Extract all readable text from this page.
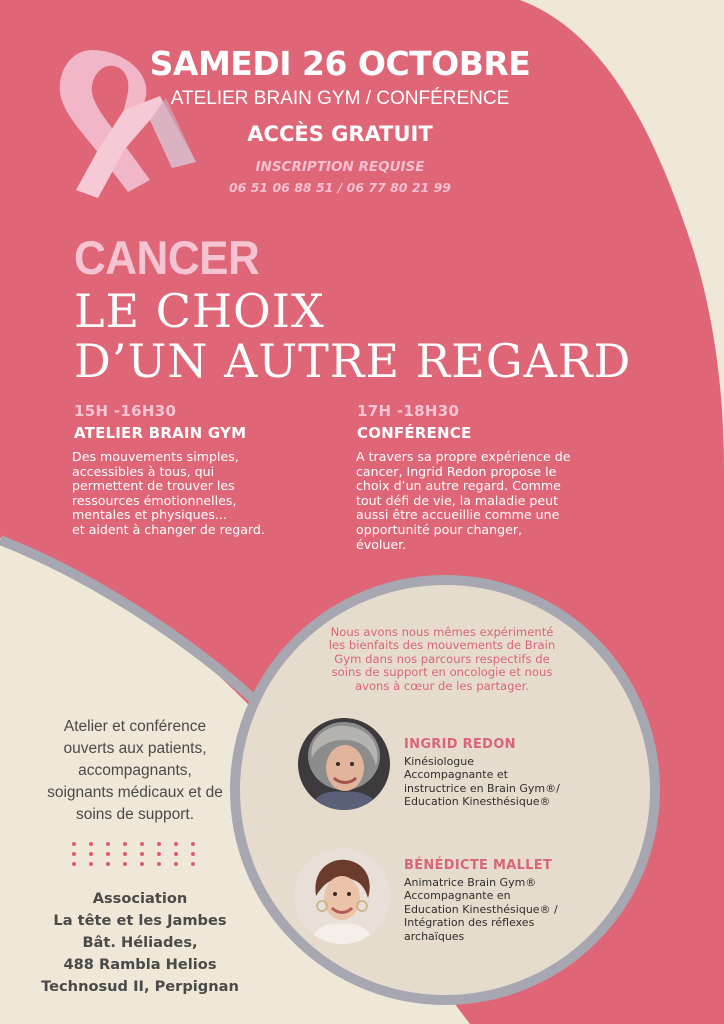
SAMEDI 26 OCTOBRE
ATELIER BRAIN GYM / CONFÉRENCE
ACCÈS GRATUIT
INSCRIPTION REQUISE
06 51 06 88 51 / 06 77 80 21 99
CANCER
LE CHOIX
D’UN AUTRE REGARD
15H -16H30
ATELIER BRAIN GYM
Des mouvements simples,
accessibles à tous, qui
permettent de trouver les
ressources émotionnelles,
mentales et physiques...
et aident à changer de regard.
17H -18H30
CONFÉRENCE
A travers sa propre expérience de
cancer, Ingrid Redon propose le
choix d’un autre regard. Comme
tout défi de vie, la maladie peut
aussi être accueillie comme une
opportunité pour changer,
évoluer.
Nous avons nous mêmes expérimenté
les bienfaits des mouvements de Brain
Gym dans nos parcours respectifs de
soins de support en oncologie et nous
avons à cœur de les partager.
INGRID REDON
Kinésiologue
Accompagnante et
instructrice en Brain Gym®/
Education Kinesthésique®
BÉNÉDICTE MALLET
Animatrice Brain Gym®
Accompagnante en
Education Kinesthésique® /
Intégration des réflexes
archaïques
Atelier et conférence
ouverts aux patients,
accompagnants,
soignants médicaux et de
soins de support.
Association
La tête et les Jambes
Bât. Héliades,
488 Rambla Helios
Technosud II, Perpignan
